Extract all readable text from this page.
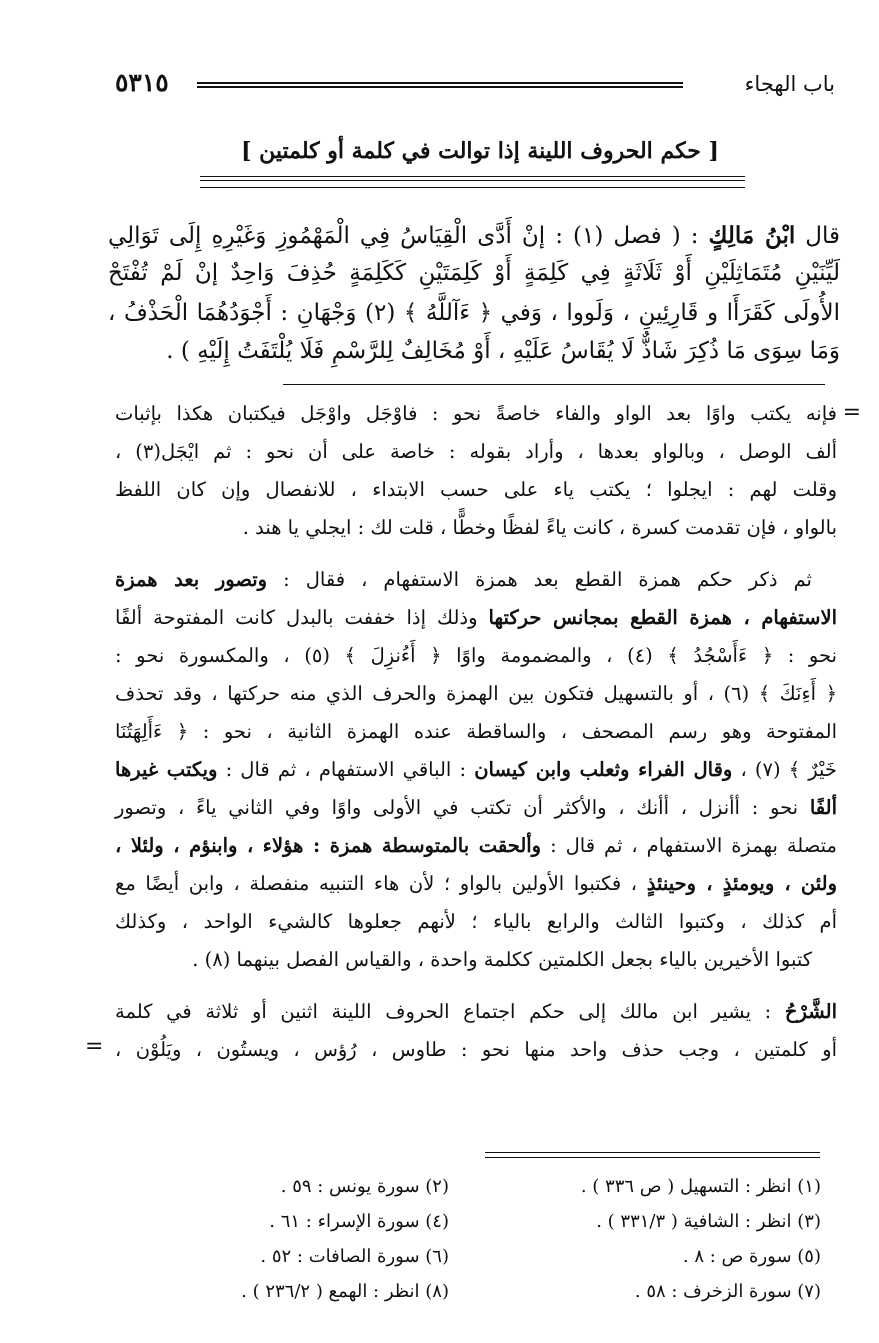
باب الهجاء
٥٣١٥
[ حكم الحروف اللينة إذا توالت في كلمة أو كلمتين ]
قال ابْنُ مَالِكٍ : ( فصل (١) : إنْ أَدَّى الْقِيَاسُ فِي الْمَهْمُوزِ وَغَيْرِهِ إِلَى تَوَالِي
لَيِّنَيْنِ مُتَمَاثِلَيْنِ أَوْ ثَلَاثَةٍ فِي كَلِمَةٍ أَوْ كَلِمَتَيْنِ كَكَلِمَةٍ حُذِفَ وَاحِدٌ إنْ لَمْ تُفْتَحْ
الأُولَى كَقَرَأَا و قَارِئِينِ ، وَلَووا ، وَفي ﴿ ءَآللَّهُ ﴾ (٢) وَجْهَانِ : أَجْوَدُهُمَا الْحَذْفُ ،
وَمَا سِوَى مَا ذُكِرَ شَاذٌّ لَا يُقَاسُ عَلَيْهِ ، أَوْ مُخَالِفٌ لِلرَّسْمِ فَلَا يُلْتَفَتُ إِلَيْهِ ) .
=
فإنه يكتب واوًا بعد الواو والفاء خاصةً نحو : فاوْجَل واوْجَل فيكتبان هكذا بإثبات
ألف الوصل ، وبالواو بعدها ، وأراد بقوله : خاصة على أن نحو : ثم ايْجَل(٣) ،
وقلت لهم : ايجلوا ؛ يكتب ياء على حسب الابتداء ، للانفصال وإن كان اللفظ
بالواو ، فإن تقدمت كسرة ، كانت ياءً لفظًا وخطًّا ، قلت لك : ايجلي يا هند .
ثم ذكر حكم همزة القطع بعد همزة الاستفهام ، فقال : وتصور بعد همزة
الاستفهام ، همزة القطع بمجانس حركتها وذلك إذا خففت بالبدل كانت المفتوحة ألفًا
نحو : ﴿ ءَأَسْجُدُ ﴾ (٤) ، والمضمومة واوًا ﴿ أَءُنزِلَ ﴾ (٥) ، والمكسورة نحو :
﴿ أَءِنَكَ ﴾ (٦) ، أو بالتسهيل فتكون بين الهمزة والحرف الذي منه حركتها ، وقد تحذف
المفتوحة وهو رسم المصحف ، والساقطة عنده الهمزة الثانية ، نحو : ﴿ ءَأَلِهَتُنَا
خَيْرٌ ﴾ (٧) ، وقال الفراء وثعلب وابن كيسان : الباقي الاستفهام ، ثم قال : ويكتب غيرها
ألفًا نحو : أأنزل ، أأنك ، والأكثر أن تكتب في الأولى واوًا وفي الثاني ياءً ، وتصور
متصلة بهمزة الاستفهام ، ثم قال : وألحقت بالمتوسطة همزة : هؤلاء ، وابنؤم ، ولئلا ،
ولئن ، ويومئذٍ ، وحينئذٍ ، فكتبوا الأولين بالواو ؛ لأن هاء التنبيه منفصلة ، وابن أيضًا مع
أم كذلك ، وكتبوا الثالث والرابع بالياء ؛ لأنهم جعلوها كالشيء الواحد ، وكذلك
كتبوا الأخيرين بالياء بجعل الكلمتين ككلمة واحدة ، والقياس الفصل بينهما (٨) .
الشَّرْحُ : يشير ابن مالك إلى حكم اجتماع الحروف اللينة اثنين أو ثلاثة في كلمة
أو كلمتين ، وجب حذف واحد منها نحو : طاوس ، رُؤس ، ويستُون ، ويَلُوْن ،
=
(١) انظر : التسهيل ( ص ٣٣٦ ) .
(٢) سورة يونس : ٥٩ .
(٣) انظر : الشافية ( ٣٣١/٣ ) .
(٤) سورة الإسراء : ٦١ .
(٥) سورة ص : ٨ .
(٦) سورة الصافات : ٥٢ .
(٧) سورة الزخرف : ٥٨ .
(٨) انظر : الهمع ( ٢٣٦/٢ ) .
